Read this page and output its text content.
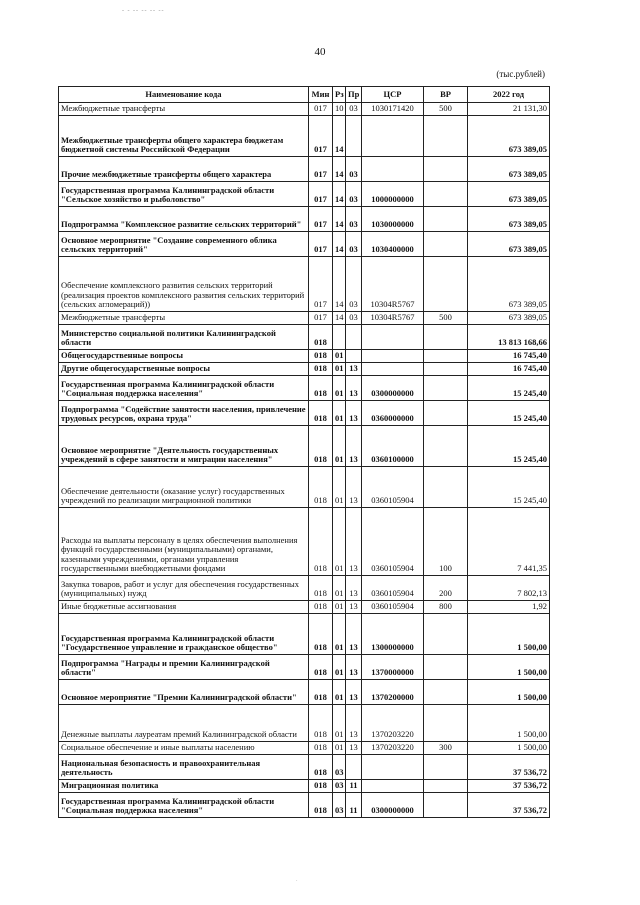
- - -- -- -- --
40
(тыс.рублей)
Наименование кода	Мин	Рз	Пр	ЦСР	ВР	2022 год
Межбюджетные трансферты	017	10	03	1030171420	500	21 131,30
Межбюджетные трансферты общего характера бюджетам бюджетной системы Российской Федерации	017	14				673 389,05
Прочие межбюджетные трансферты общего характера	017	14	03			673 389,05
Государственная программа Калининградской области "Сельское хозяйство и рыболовство"	017	14	03	1000000000		673 389,05
Подпрограмма "Комплексное развитие сельских территорий"	017	14	03	1030000000		673 389,05
Основное мероприятие "Создание современного облика сельских территорий"	017	14	03	1030400000		673 389,05
Обеспечение комплексного развития сельских территорий (реализация проектов комплексного развития сельских территорий (сельских агломераций))	017	14	03	10304R5767		673 389,05
Межбюджетные трансферты	017	14	03	10304R5767	500	673 389,05
Министерство социальной политики Калининградской области	018					13 813 168,66
Общегосударственные вопросы	018	01				16 745,40
Другие общегосударственные вопросы	018	01	13			16 745,40
Государственная программа Калининградской области "Социальная поддержка населения"	018	01	13	0300000000		15 245,40
Подпрограмма "Содействие занятости населения, привлечение трудовых ресурсов, охрана труда"	018	01	13	0360000000		15 245,40
Основное мероприятие "Деятельность государственных учреждений в сфере занятости и миграции населения"	018	01	13	0360100000		15 245,40
Обеспечение деятельности (оказание услуг) государственных учреждений по реализации миграционной политики	018	01	13	0360105904		15 245,40
Расходы на выплаты персоналу в целях обеспечения выполнения функций государственными (муниципальными) органами, казенными учреждениями, органами управления государственными внебюджетными фондами	018	01	13	0360105904	100	7 441,35
Закупка товаров, работ и услуг для обеспечения государственных (муниципальных) нужд	018	01	13	0360105904	200	7 802,13
Иные бюджетные ассигнования	018	01	13	0360105904	800	1,92
Государственная программа Калининградской области "Государственное управление и гражданское общество"	018	01	13	1300000000		1 500,00
Подпрограмма "Награды и премии Калининградской области"	018	01	13	1370000000		1 500,00
Основное мероприятие "Премии Калининградской области"	018	01	13	1370200000		1 500,00
Денежные выплаты лауреатам премий Калининградской области	018	01	13	1370203220		1 500,00
Социальное обеспечение и иные выплаты населению	018	01	13	1370203220	300	1 500,00
Национальная безопасность и правоохранительная деятельность	018	03				37 536,72
Миграционная политика	018	03	11			37 536,72
Государственная программа Калининградской области "Социальная поддержка населения"	018	03	11	0300000000		37 536,72
.
